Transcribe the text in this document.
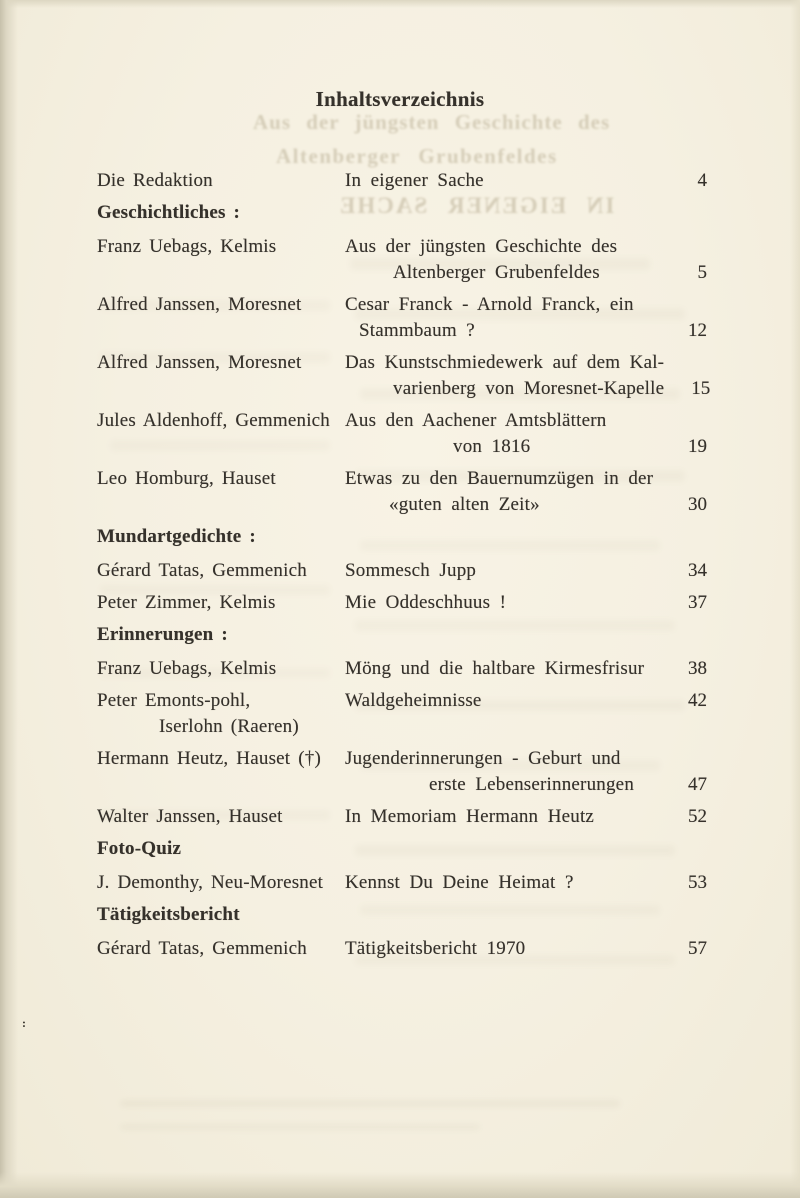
Aus der jüngsten Geschichte des
Altenberger Grubenfeldes
IN EIGENER SACHE
Inhaltsverzeichnis
Die Redaktion	In eigener Sache	4
Geschichtliches :
Franz Uebags, Kelmis	Aus der jüngsten Geschichte des
Altenberger Grubenfeldes	5
Alfred Janssen, Moresnet	Cesar Franck - Arnold Franck, ein
Stammbaum ?	12
Alfred Janssen, Moresnet	Das Kunstschmiedewerk auf dem Kal-
varienberg von Moresnet-Kapelle	15
Jules Aldenhoff, Gemmenich Aus den Aachener Amtsblättern
von 1816	19
Leo Homburg, Hauset	Etwas zu den Bauernumzügen in der
«guten alten Zeit»	30
Mundartgedichte :
Gérard Tatas, Gemmenich	Sommesch Jupp	34
Peter Zimmer, Kelmis	Mie Oddeschhuus !	37
Erinnerungen :
Franz Uebags, Kelmis	Möng und die haltbare Kirmesfrisur	38
Peter Emonts-pohl,	Waldgeheimnisse	42
Iserlohn (Raeren)
Hermann Heutz, Hauset (†)	Jugenderinnerungen - Geburt und
erste Lebenserinnerungen	47
Walter Janssen, Hauset	In Memoriam Hermann Heutz	52
Foto-Quiz
J. Demonthy, Neu-Moresnet	Kennst Du Deine Heimat ?	53
Tätigkeitsbericht
Gérard Tatas, Gemmenich	Tätigkeitsbericht 1970	57
:
